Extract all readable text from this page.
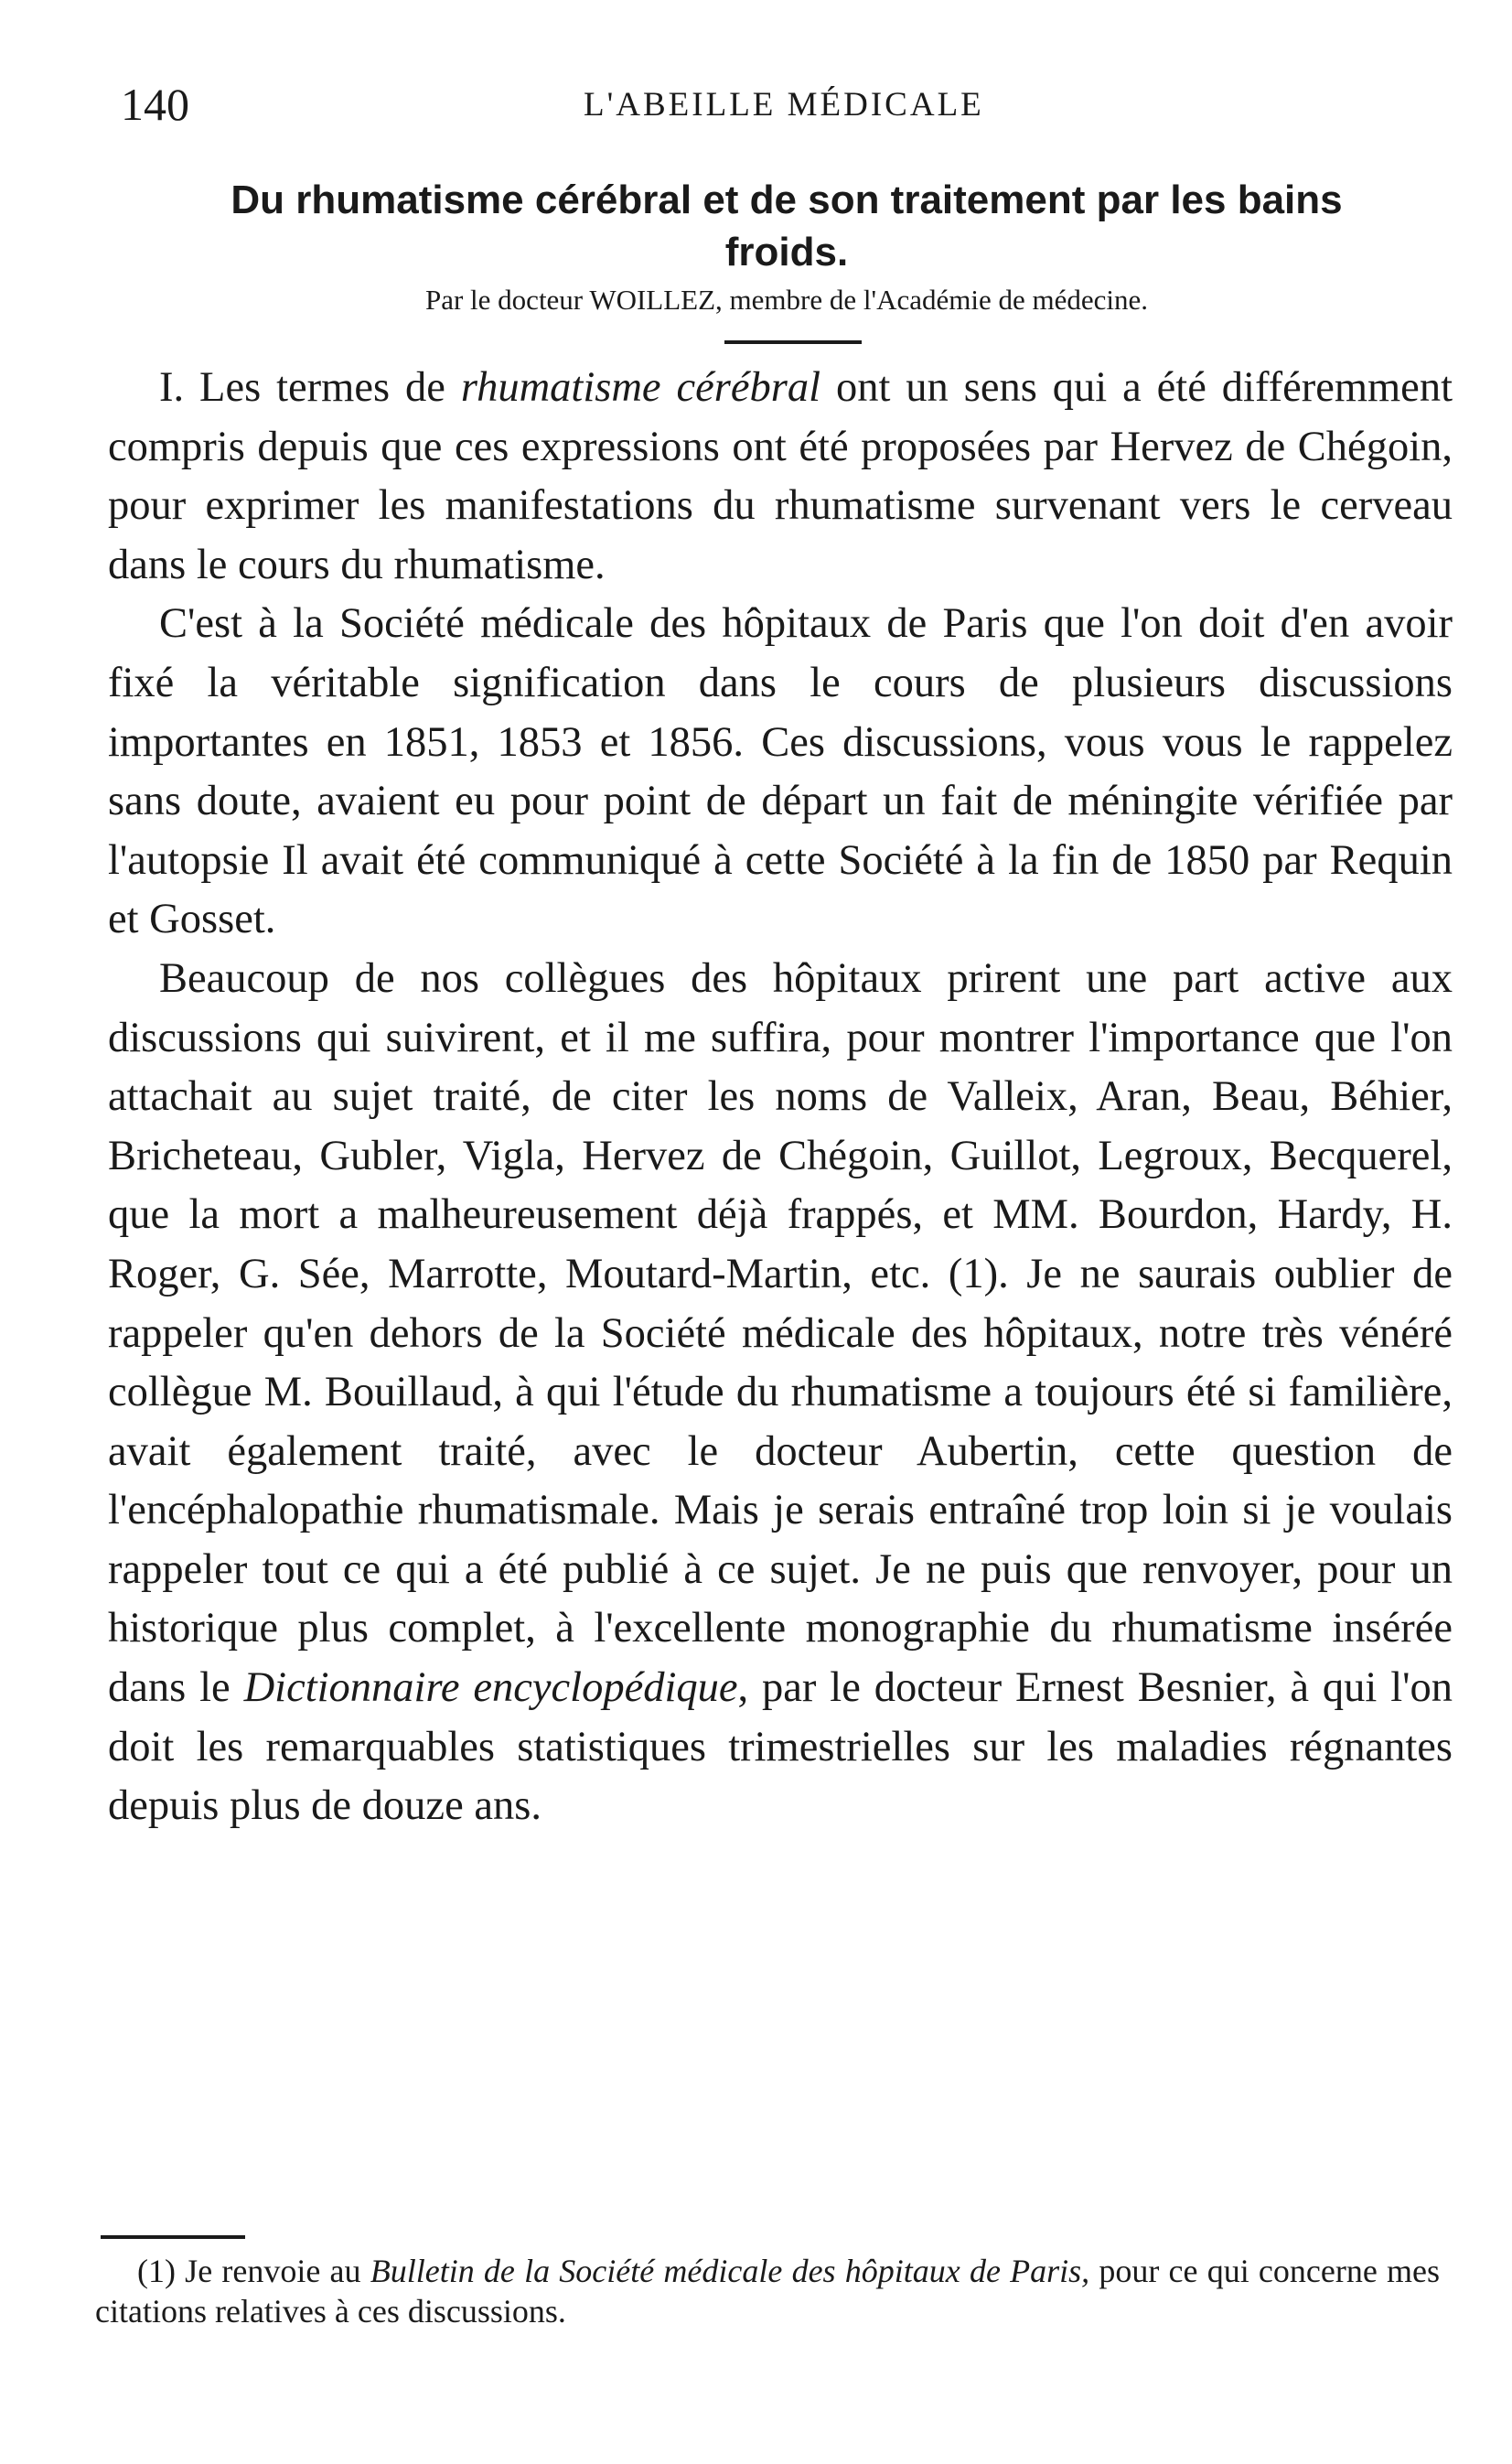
140	L'ABEILLE MÉDICALE
Du rhumatisme cérébral et de son traitement par les bains froids.
Par le docteur WOILLEZ, membre de l'Académie de médecine.

I. Les termes de rhumatisme cérébral ont un sens qui a été différemment compris depuis que ces expressions ont été proposées par Hervez de Chégoin, pour exprimer les manifestations du rhumatisme survenant vers le cerveau dans le cours du rhumatisme.

C'est à la Société médicale des hôpitaux de Paris que l'on doit d'en avoir fixé la véritable signification dans le cours de plusieurs discussions importantes en 1851, 1853 et 1856. Ces discussions, vous vous le rappelez sans doute, avaient eu pour point de départ un fait de méningite vérifiée par l'autopsie Il avait été communiqué à cette Société à la fin de 1850 par Requin et Gosset.

Beaucoup de nos collègues des hôpitaux prirent une part active aux discussions qui suivirent, et il me suffira, pour montrer l'importance que l'on attachait au sujet traité, de citer les noms de Valleix, Aran, Beau, Béhier, Bricheteau, Gubler, Vigla, Hervez de Chégoin, Guillot, Legroux, Becquerel, que la mort a malheureusement déjà frappés, et MM. Bourdon, Hardy, H. Roger, G. Sée, Marrotte, Moutard-Martin, etc. (1). Je ne saurais oublier de rappeler qu'en dehors de la Société médicale des hôpitaux, notre très vénéré collègue M. Bouillaud, à qui l'étude du rhumatisme a toujours été si familière, avait également traité, avec le docteur Aubertin, cette question de l'encéphalopathie rhumatismale. Mais je serais entraîné trop loin si je voulais rappeler tout ce qui a été publié à ce sujet. Je ne puis que renvoyer, pour un historique plus complet, à l'excellente monographie du rhumatisme insérée dans le Dictionnaire encyclopédique, par le docteur Ernest Besnier, à qui l'on doit les remarquables statistiques trimestrielles sur les maladies régnantes depuis plus de douze ans.

(1) Je renvoie au Bulletin de la Société médicale des hôpitaux de Paris, pour ce qui concerne mes citations relatives à ces discussions.
